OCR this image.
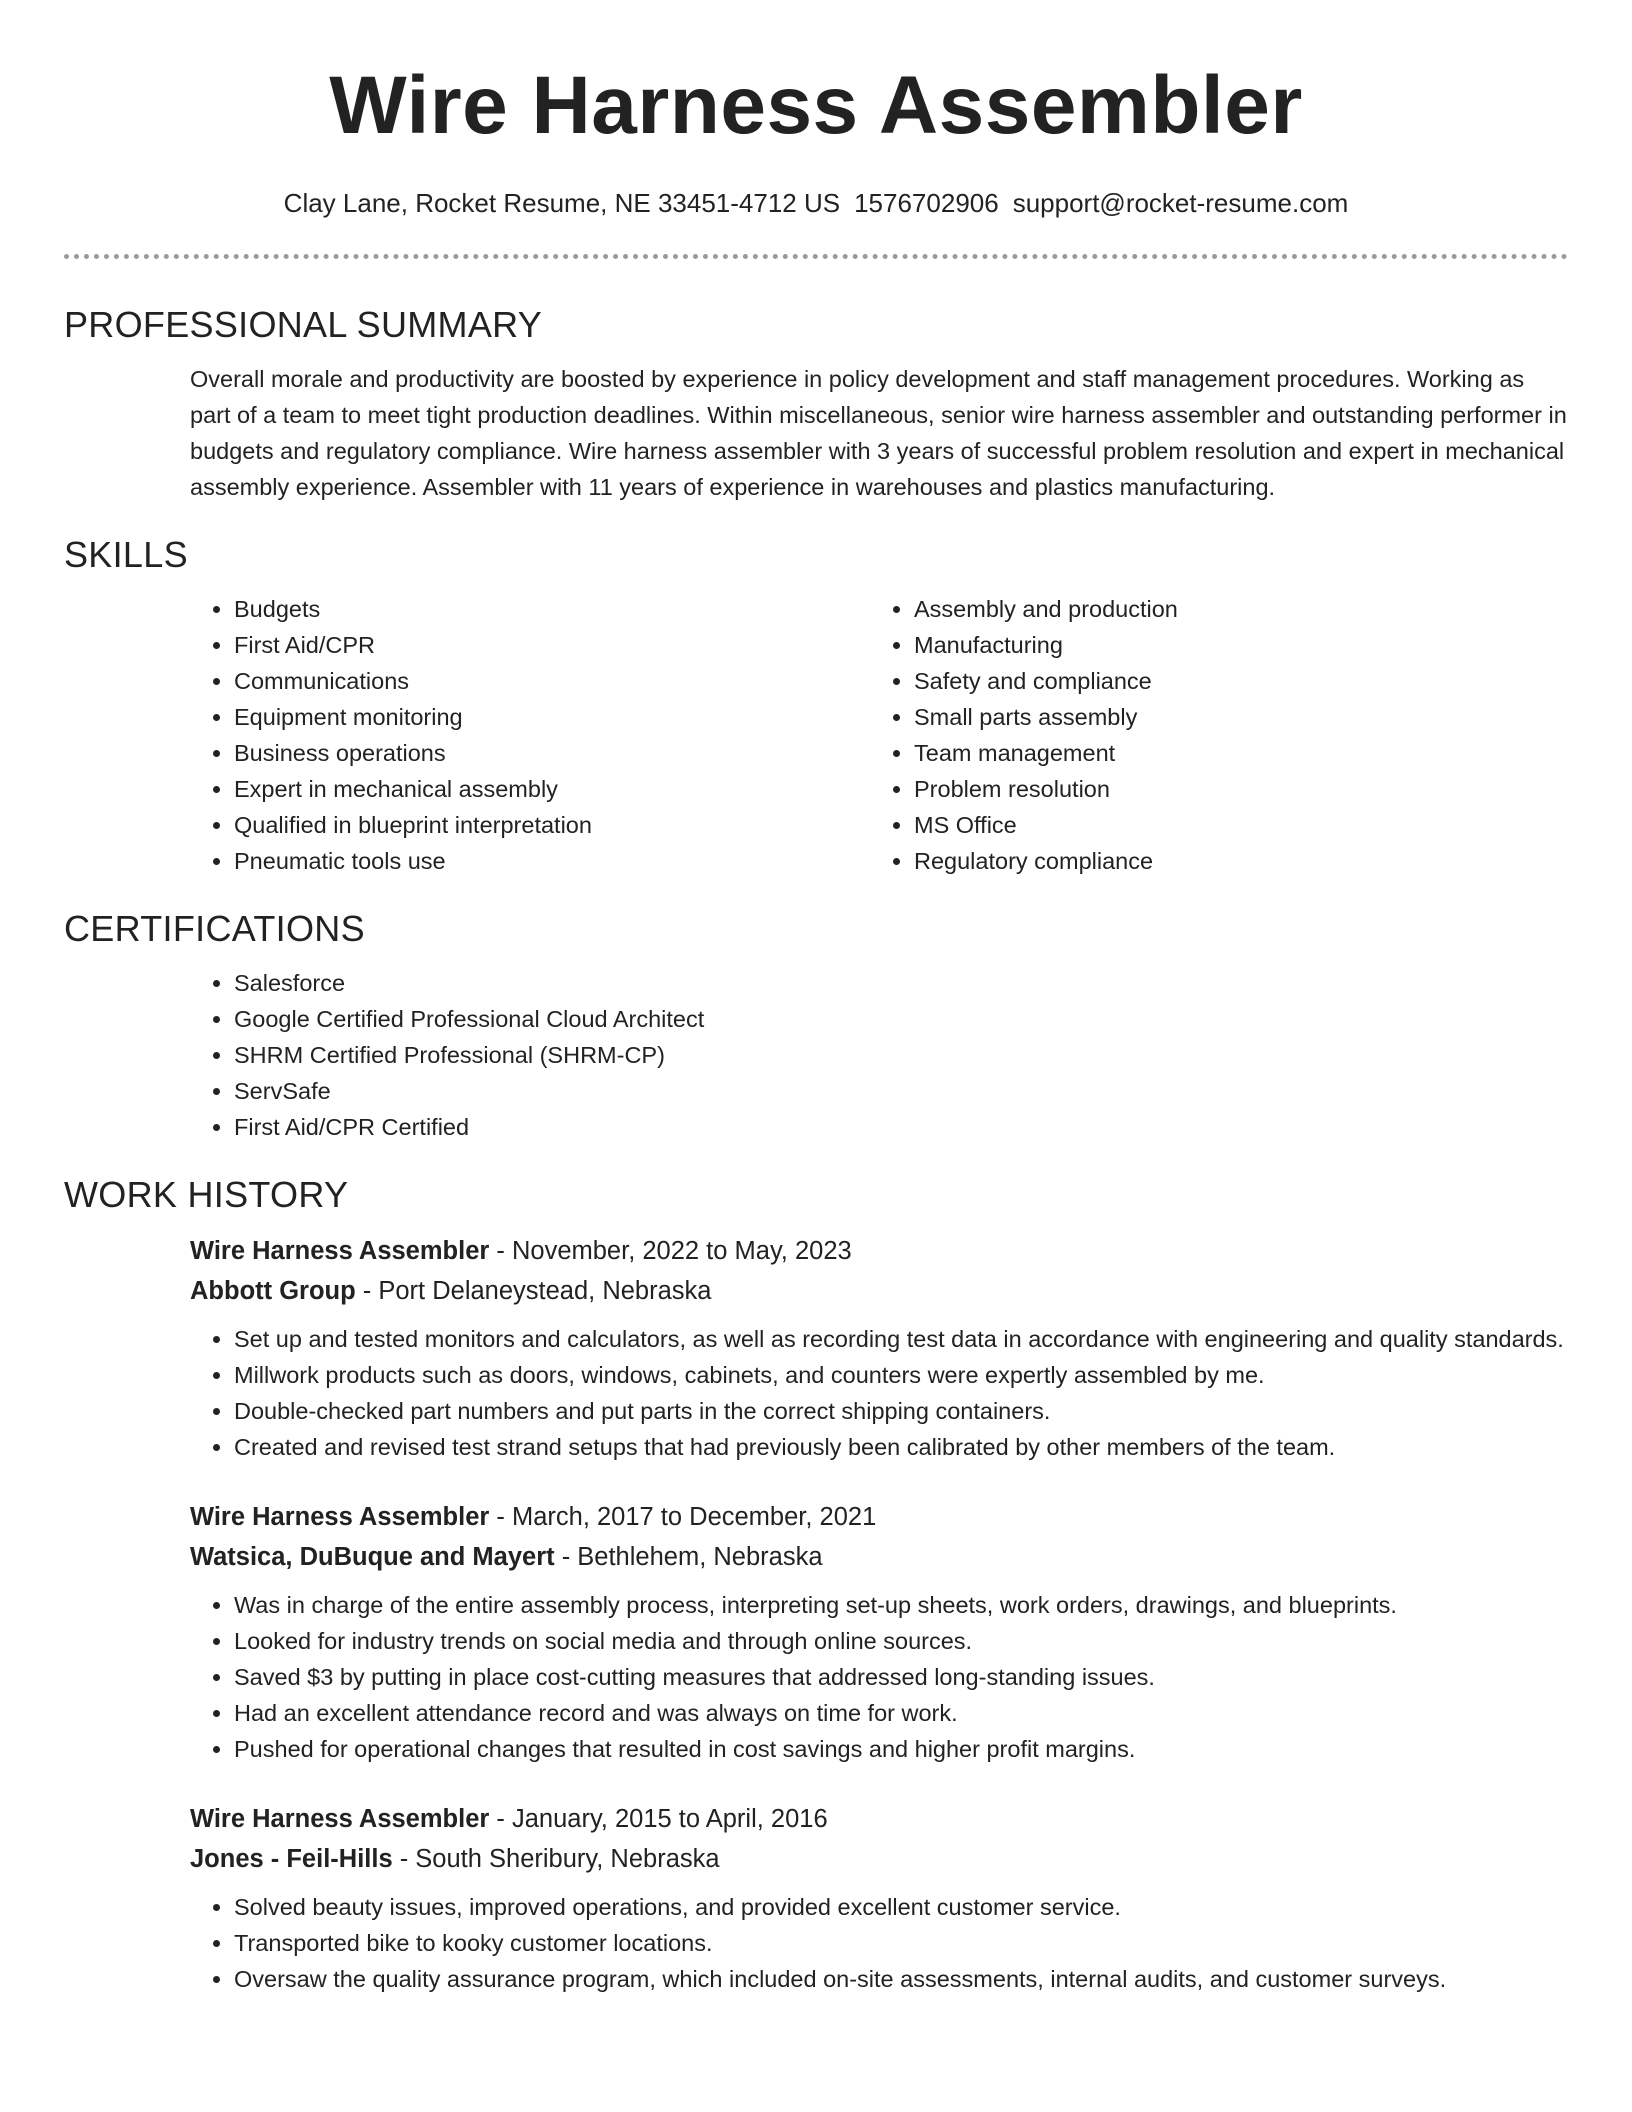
Wire Harness Assembler
Clay Lane, Rocket Resume, NE 33451-4712 US 1576702906 support@rocket-resume.com
PROFESSIONAL SUMMARY

Overall morale and productivity are boosted by experience in policy development and staff management procedures. Working as part of a team to meet tight production deadlines. Within miscellaneous, senior wire harness assembler and outstanding performer in budgets and regulatory compliance. Wire harness assembler with 3 years of successful problem resolution and expert in mechanical assembly experience. Assembler with 11 years of experience in warehouses and plastics manufacturing.

SKILLS
• Budgets
• First Aid/CPR
• Communications
• Equipment monitoring
• Business operations
• Expert in mechanical assembly
• Qualified in blueprint interpretation
• Pneumatic tools use
• Assembly and production
• Manufacturing
• Safety and compliance
• Small parts assembly
• Team management
• Problem resolution
• MS Office
• Regulatory compliance
CERTIFICATIONS
• Salesforce
• Google Certified Professional Cloud Architect
• SHRM Certified Professional (SHRM-CP)
• ServSafe
• First Aid/CPR Certified
WORK HISTORY
Wire Harness Assembler - November, 2022 to May, 2023
Abbott Group - Port Delaneystead, Nebraska
• Set up and tested monitors and calculators, as well as recording test data in accordance with engineering and quality standards.
• Millwork products such as doors, windows, cabinets, and counters were expertly assembled by me.
• Double-checked part numbers and put parts in the correct shipping containers.
• Created and revised test strand setups that had previously been calibrated by other members of the team.
Wire Harness Assembler - March, 2017 to December, 2021
Watsica, DuBuque and Mayert - Bethlehem, Nebraska
• Was in charge of the entire assembly process, interpreting set-up sheets, work orders, drawings, and blueprints.
• Looked for industry trends on social media and through online sources.
• Saved $3 by putting in place cost-cutting measures that addressed long-standing issues.
• Had an excellent attendance record and was always on time for work.
• Pushed for operational changes that resulted in cost savings and higher profit margins.
Wire Harness Assembler - January, 2015 to April, 2016
Jones - Feil-Hills - South Sheribury, Nebraska
• Solved beauty issues, improved operations, and provided excellent customer service.
• Transported bike to kooky customer locations.
• Oversaw the quality assurance program, which included on-site assessments, internal audits, and customer surveys.
